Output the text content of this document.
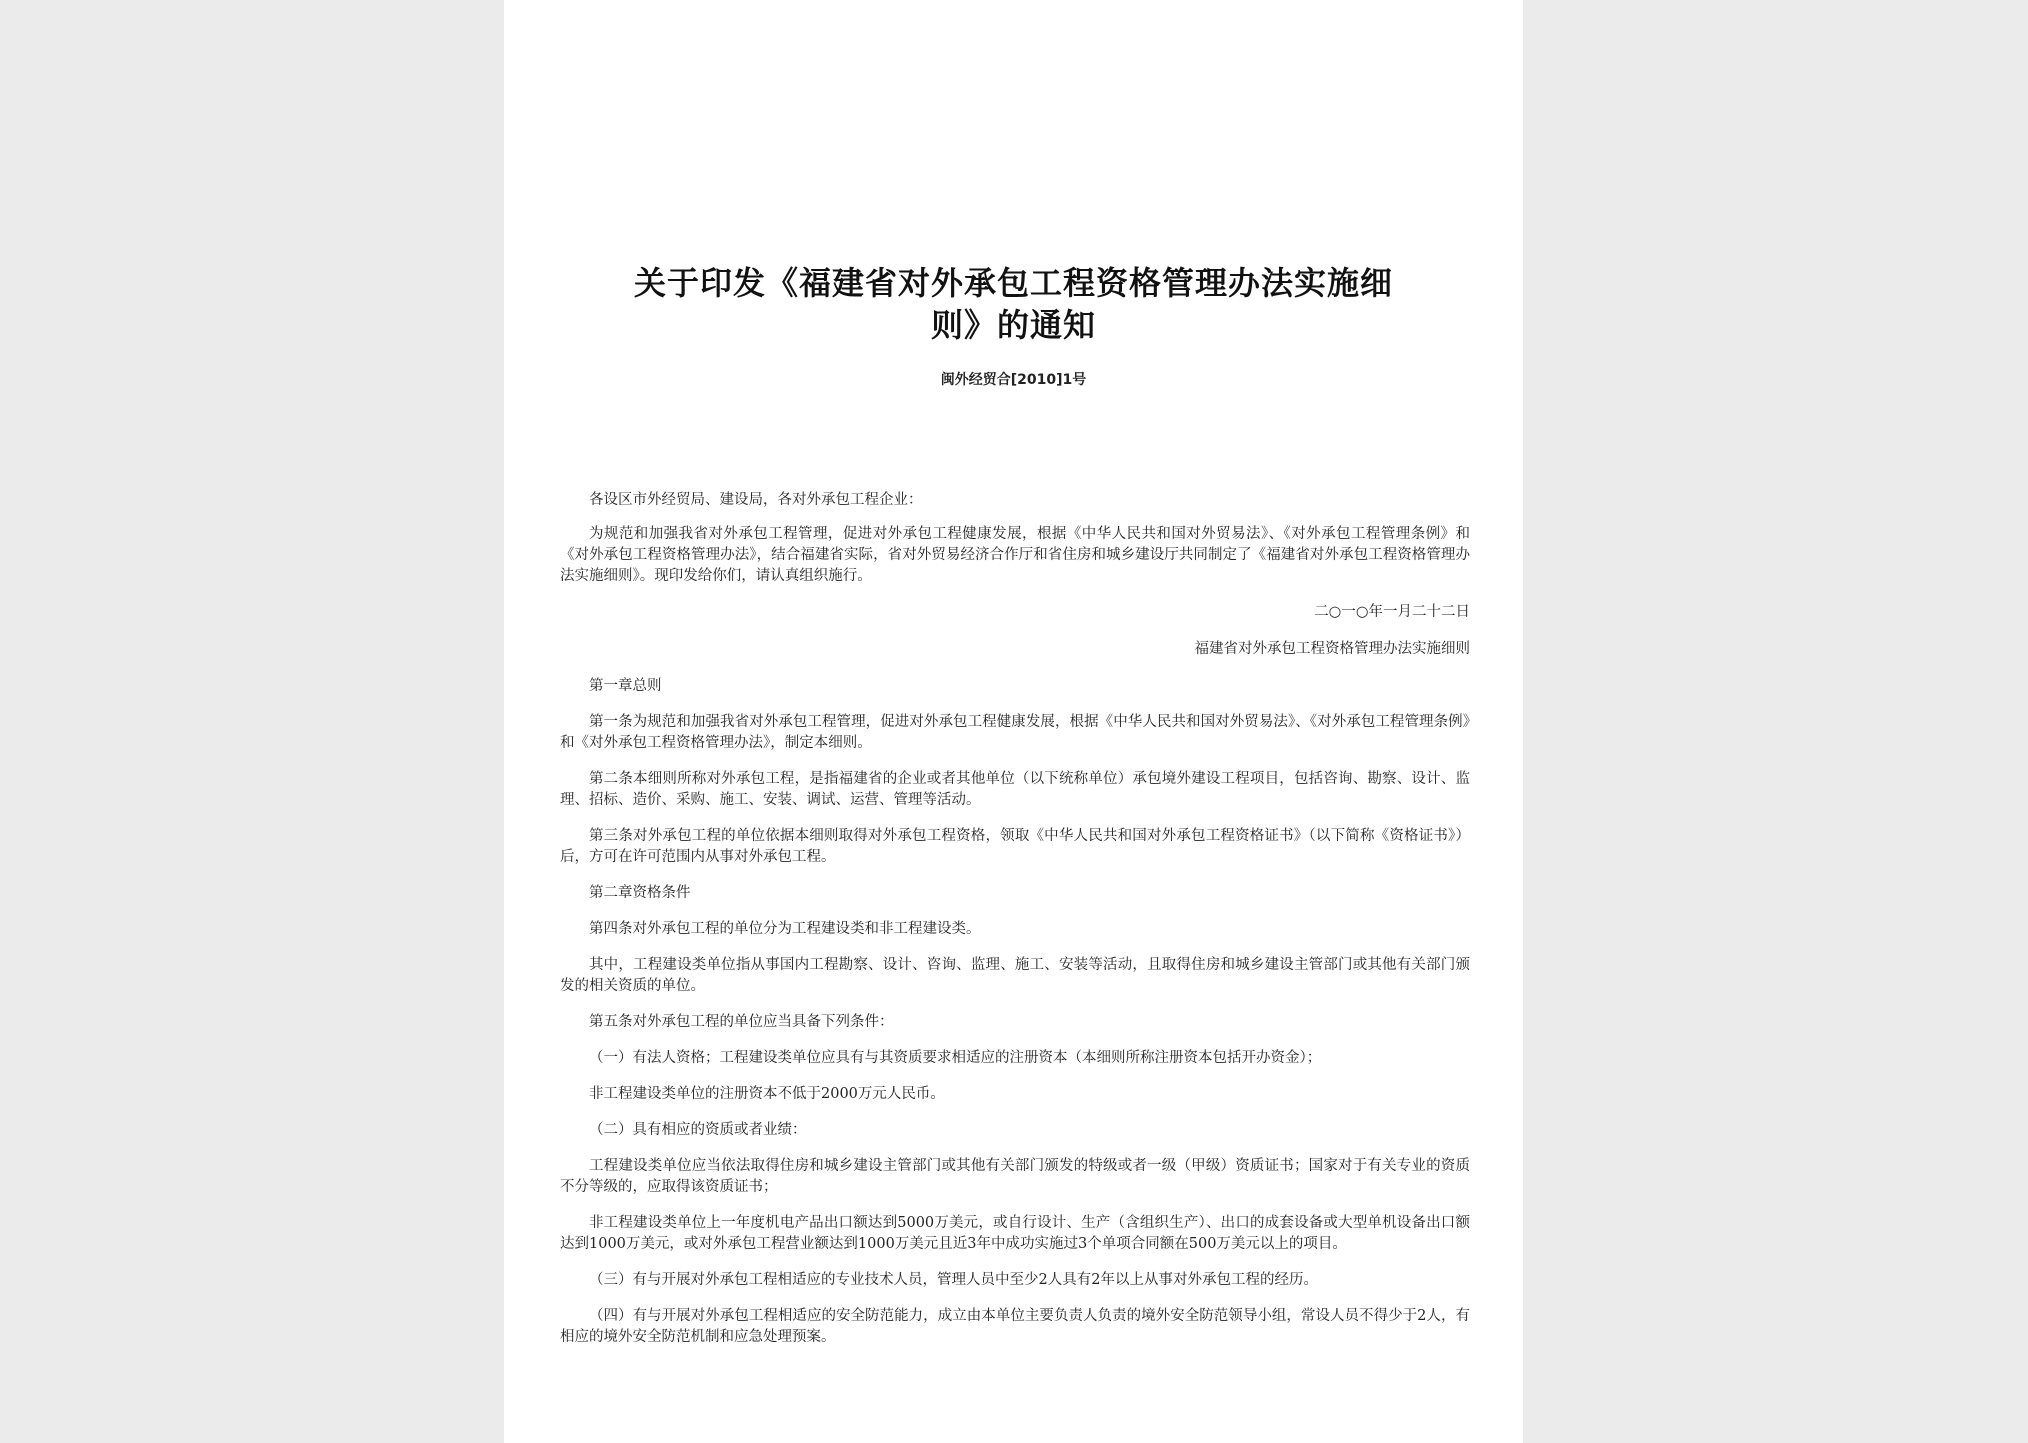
关于印发《福建省对外承包工程资格管理办法实施细
则》的通知
闽外经贸合[2010]1号

各设区市外经贸局、建设局，各对外承包工程企业：

为规范和加强我省对外承包工程管理，促进对外承包工程健康发展，根据《中华人民共和国对外贸易法》、《对外承包工程管理条例》和《对外承包工程资格管理办法》，结合福建省实际，省对外贸易经济合作厅和省住房和城乡建设厅共同制定了《福建省对外承包工程资格管理办法实施细则》。现印发给你们，请认真组织施行。

二○一○年一月二十二日

福建省对外承包工程资格管理办法实施细则

第一章总则

第一条为规范和加强我省对外承包工程管理，促进对外承包工程健康发展，根据《中华人民共和国对外贸易法》、《对外承包工程管理条例》和《对外承包工程资格管理办法》，制定本细则。

第二条本细则所称对外承包工程，是指福建省的企业或者其他单位（以下统称单位）承包境外建设工程项目，包括咨询、勘察、设计、监理、招标、造价、采购、施工、安装、调试、运营、管理等活动。

第三条对外承包工程的单位依据本细则取得对外承包工程资格，领取《中华人民共和国对外承包工程资格证书》（以下简称《资格证书》）后，方可在许可范围内从事对外承包工程。

第二章资格条件

第四条对外承包工程的单位分为工程建设类和非工程建设类。

其中，工程建设类单位指从事国内工程勘察、设计、咨询、监理、施工、安装等活动，且取得住房和城乡建设主管部门或其他有关部门颁发的相关资质的单位。

第五条对外承包工程的单位应当具备下列条件：

（一）有法人资格；工程建设类单位应具有与其资质要求相适应的注册资本（本细则所称注册资本包括开办资金）；

非工程建设类单位的注册资本不低于2000万元人民币。

（二）具有相应的资质或者业绩：

工程建设类单位应当依法取得住房和城乡建设主管部门或其他有关部门颁发的特级或者一级（甲级）资质证书；国家对于有关专业的资质不分等级的，应取得该资质证书；

非工程建设类单位上一年度机电产品出口额达到5000万美元，或自行设计、生产（含组织生产）、出口的成套设备或大型单机设备出口额达到1000万美元，或对外承包工程营业额达到1000万美元且近3年中成功实施过3个单项合同额在500万美元以上的项目。

（三）有与开展对外承包工程相适应的专业技术人员，管理人员中至少2人具有2年以上从事对外承包工程的经历。

（四）有与开展对外承包工程相适应的安全防范能力，成立由本单位主要负责人负责的境外安全防范领导小组，常设人员不得少于2人，有相应的境外安全防范机制和应急处理预案。
